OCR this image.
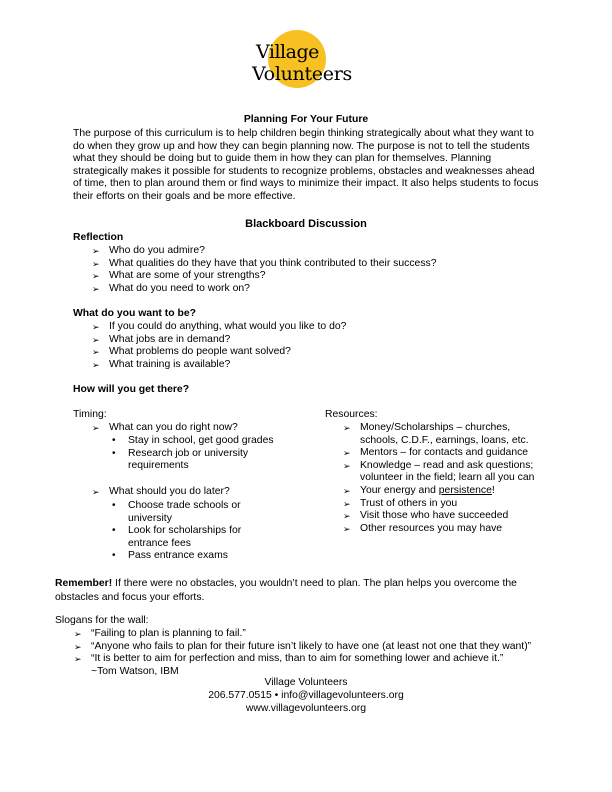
Village
Volunteers
Planning For Your Future

The purpose of this curriculum is to help children begin thinking strategically about what they want to do when they grow up and how they can begin planning now. The purpose is not to tell the students what they should be doing but to guide them in how they can plan for themselves. Planning strategically makes it possible for students to recognize problems, obstacles and weaknesses ahead of time, then to plan around them or find ways to minimize their impact. It also helps students to focus their efforts on their goals and be more effective.

Blackboard Discussion
Reflection
➢ Who do you admire?
➢ What qualities do they have that you think contributed to their success?
➢ What are some of your strengths?
➢ What do you need to work on?
What do you want to be?
➢ If you could do anything, what would you like to do?
➢ What jobs are in demand?
➢ What problems do people want solved?
➢ What training is available?
How will you get there?
Timing:
➢ What can you do right now?
• Stay in school, get good grades
• Research job or university requirements
➢ What should you do later?
• Choose trade schools or university
• Look for scholarships for entrance fees
• Pass entrance exams
Resources:
➢ Money/Scholarships – churches, schools, C.D.F., earnings, loans, etc.
➢ Mentors – for contacts and guidance
➢ Knowledge – read and ask questions; volunteer in the field; learn all you can
➢ Your energy and persistence!
➢ Trust of others in you
➢ Visit those who have succeeded
➢ Other resources you may have

Remember! If there were no obstacles, you wouldn’t need to plan. The plan helps you overcome the obstacles and focus your efforts.

Slogans for the wall:
➢ “Failing to plan is planning to fail.”
➢ “Anyone who fails to plan for their future isn’t likely to have one (at least not one that they want)”
➢ “It is better to aim for perfection and miss, than to aim for something lower and achieve it.”
~Tom Watson, IBM
Village Volunteers
206.577.0515 • info@villagevolunteers.org
www.villagevolunteers.org
